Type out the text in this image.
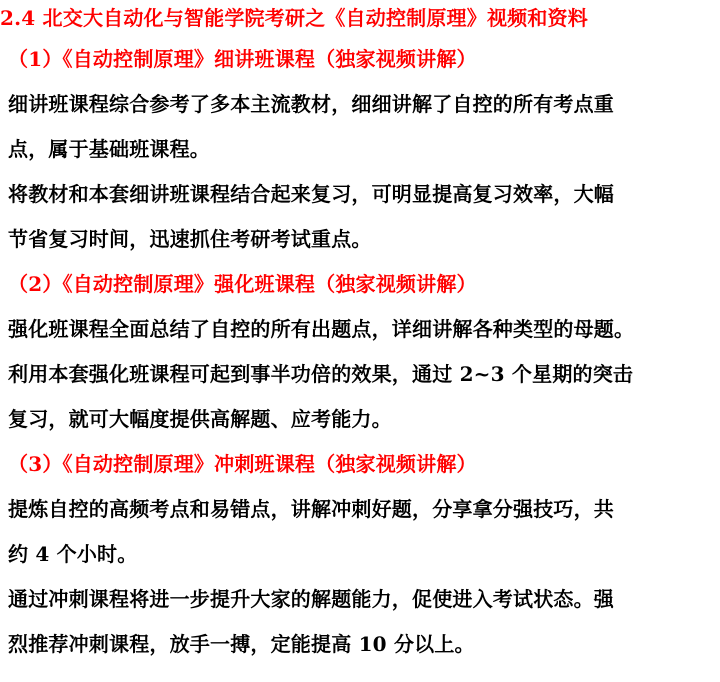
2.4 北交大自动化与智能学院考研之《自动控制原理》视频和资料
（1）《自动控制原理》细讲班课程（独家视频讲解）
细讲班课程综合参考了多本主流教材，细细讲解了自控的所有考点重
点，属于基础班课程。
将教材和本套细讲班课程结合起来复习，可明显提高复习效率，大幅
节省复习时间，迅速抓住考研考试重点。
（2）《自动控制原理》强化班课程（独家视频讲解）
强化班课程全面总结了自控的所有出题点，详细讲解各种类型的母题。
利用本套强化班课程可起到事半功倍的效果，通过 2~3 个星期的突击
复习，就可大幅度提供高解题、应考能力。
（3）《自动控制原理》冲刺班课程（独家视频讲解）
提炼自控的高频考点和易错点，讲解冲刺好题，分享拿分强技巧，共
约 4 个小时。
通过冲刺课程将进一步提升大家的解题能力，促使进入考试状态。强
烈推荐冲刺课程，放手一搏，定能提高 10 分以上。
